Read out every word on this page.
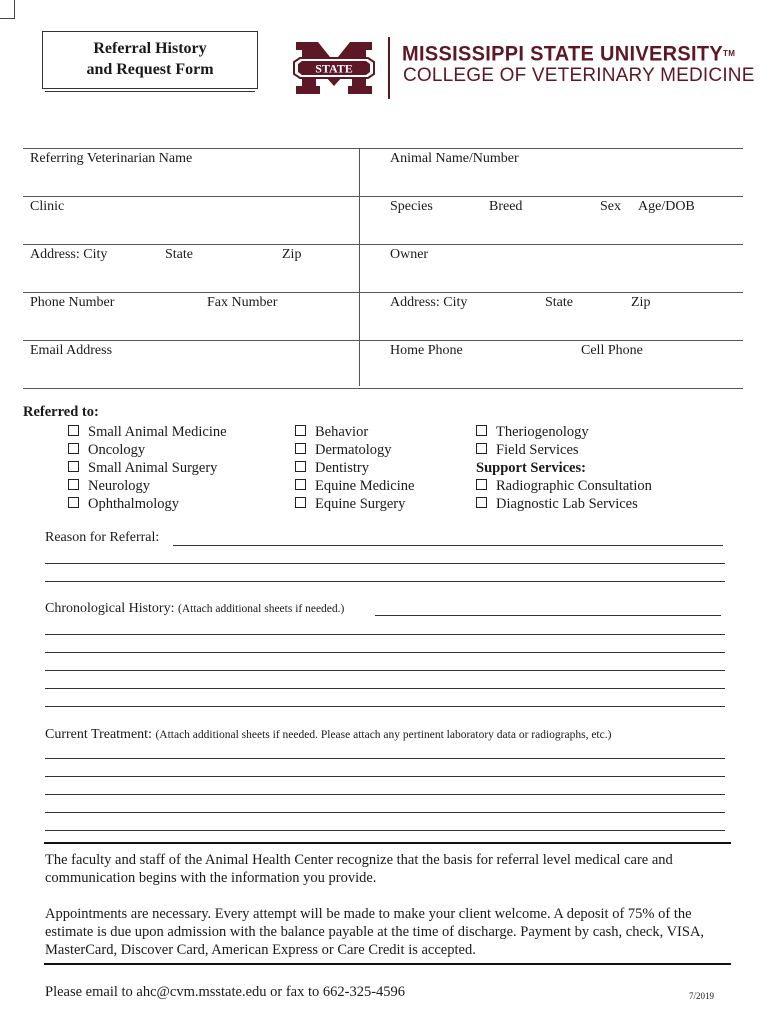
Referral History
and Request Form	STATE
MISSISSIPPI STATE UNIVERSITY™
COLLEGE OF VETERINARY MEDICINE
Referring Veterinarian Name	Animal Name/Number
Clinic	Species	Breed	Sex Age/DOB
Address: City	State	Zip	Owner
Phone Number	Fax Number	Address: City	State	Zip
Email Address	Home Phone	Cell Phone
Referred to:
Small Animal Medicine
Oncology
Small Animal Surgery
Neurology
Ophthalmology
Behavior
Dermatology
Dentistry
Equine Medicine
Equine Surgery
Theriogenology
Field Services
Support Services:
Radiographic Consultation
Diagnostic Lab Services
Reason for Referral:
Chronological History: (Attach additional sheets if needed.)
Current Treatment: (Attach additional sheets if needed. Please attach any pertinent laboratory data or radiographs, etc.)
The faculty and staff of the Animal Health Center recognize that the basis for referral level medical care and communication begins with the information you provide.
Appointments are necessary. Every attempt will be made to make your client welcome. A deposit of 75% of the estimate is due upon admission with the balance payable at the time of discharge. Payment by cash, check, VISA, MasterCard, Discover Card, American Express or Care Credit is accepted.
Please email to ahc@cvm.msstate.edu or fax to 662-325-4596	7/2019
